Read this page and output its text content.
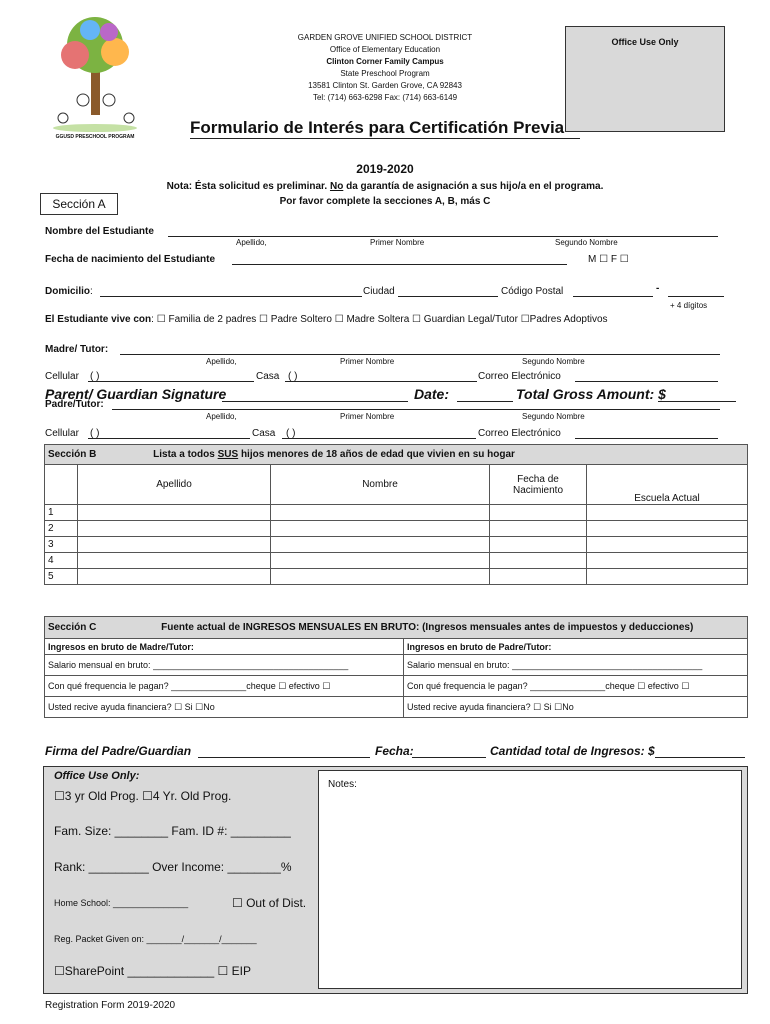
GGUSD PRESCHOOL PROGRAM
GARDEN GROVE UNIFIED SCHOOL DISTRICT
Office of Elementary Education
Clinton Corner Family Campus
State Preschool Program
13581 Clinton St. Garden Grove, CA 92843
Tel: (714) 663-6298 Fax: (714) 663-6149
Office Use Only
Formulario de Interés para Certificatión Previa
2019-2020
Nota: Ésta solicitud es preliminar. No da garantía de asignación a sus hijo/a en el programa.
Por favor complete la secciones A, B, más C
Sección A
Nombre del Estudiante
Apellido,	Primer Nombre	Segundo Nombre
Fecha de nacimiento del Estudiante	M ☐ F ☐
Domicilio:	Ciudad	Código Postal	-
+ 4 dígitos
El Estudiante vive con: ☐ Familia de 2 padres ☐ Padre Soltero ☐ Madre Soltera ☐ Guardian Legal/Tutor ☐Padres Adoptivos
Madre/ Tutor:
Apellido,	Primer Nombre	Segundo Nombre
Cellular ( )	Casa ( )	Correo Electrónico
Parent/ Guardian Signature	Date:	Total Gross Amount: $
Padre/Tutor:
Apellido,	Primer Nombre	Segundo Nombre
Cellular ( )	Casa ( )	Correo Electrónico
Sección B Lista a todos SUS hijos menores de 18 años de edad que vivien en su hogar				
	Apellido	Nombre	Fecha de Nacimiento	Escuela Actual
1				
2				
3				
4				
5				
Sección C Fuente actual de INGRESOS MENSUALES EN BRUTO: (Ingresos mensuales antes de impuestos y deducciones)	
Ingresos en bruto de Madre/Tutor:	Ingresos en bruto de Padre/Tutor:
Salario mensual en bruto: _______________________________________	Salario mensual en bruto: ______________________________________
Con qué frequencia le pagan? _______________cheque ☐ efectivo ☐	Con qué frequencia le pagan? _______________cheque ☐ efectivo ☐
Usted recive ayuda financiera? ☐ Si ☐No	Usted recive ayuda financiera? ☐ Si ☐No
Firma del Padre/Guardian	Fecha:	Cantidad total de Ingresos: $
Office Use Only:
☐3 yr Old Prog. ☐4 Yr. Old Prog.
Fam. Size: ________ Fam. ID #: _________
Rank: _________ Over Income: ________%
Home School: _______________	☐ Out of Dist.
Reg. Packet Given on: _______/_______/_______
☐SharePoint _____________ ☐ EIP
Notes:
Registration Form 2019-2020
